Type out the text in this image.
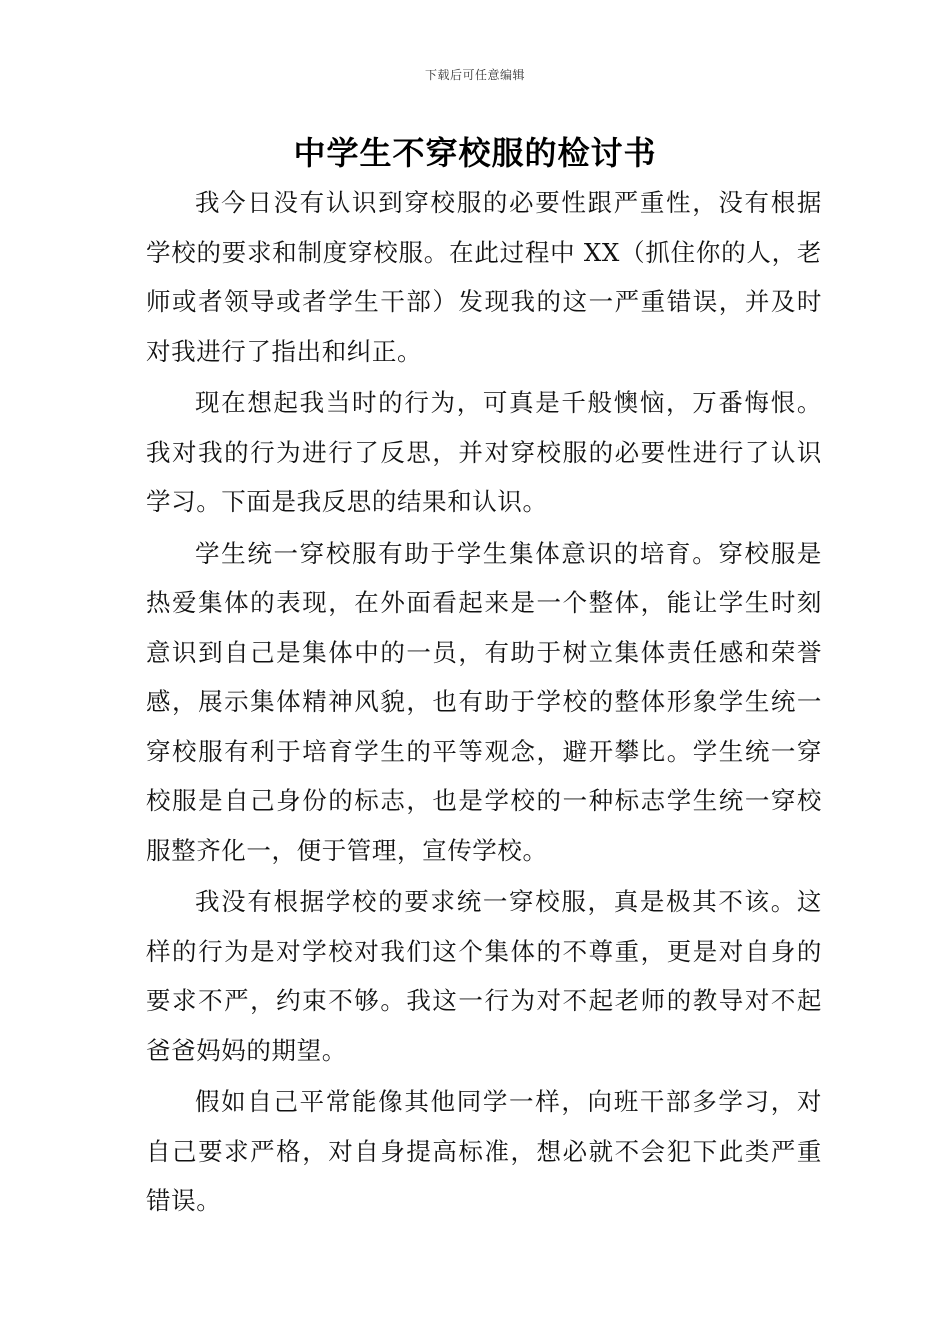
下载后可任意编辑
中学生不穿校服的检讨书

我今日没有认识到穿校服的必要性跟严重性，没有根据学校的要求和制度穿校服。在此过程中 XX（抓住你的人，老师或者领导或者学生干部）发现我的这一严重错误，并及时对我进行了指出和纠正。

现在想起我当时的行为，可真是千般懊恼，万番悔恨。我对我的行为进行了反思，并对穿校服的必要性进行了认识学习。下面是我反思的结果和认识。

学生统一穿校服有助于学生集体意识的培育。穿校服是热爱集体的表现，在外面看起来是一个整体，能让学生时刻意识到自己是集体中的一员，有助于树立集体责任感和荣誉感，展示集体精神风貌，也有助于学校的整体形象学生统一穿校服有利于培育学生的平等观念，避开攀比。学生统一穿校服是自己身份的标志，也是学校的一种标志学生统一穿校服整齐化一，便于管理，宣传学校。

我没有根据学校的要求统一穿校服，真是极其不该。这样的行为是对学校对我们这个集体的不尊重，更是对自身的要求不严，约束不够。我这一行为对不起老师的教导对不起爸爸妈妈的期望。

假如自己平常能像其他同学一样，向班干部多学习，对自己要求严格，对自身提高标准，想必就不会犯下此类严重错误。
